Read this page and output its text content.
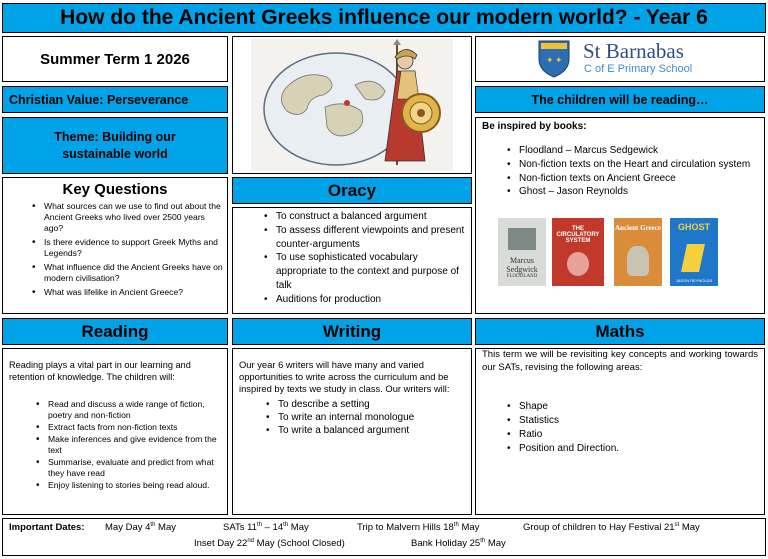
How do the Ancient Greeks influence our modern world? - Year 6
Summer Term 1 2026
Christian Value: Perseverance
Theme: Building our sustainable world
Key Questions
• What sources can we use to find out about the Ancient Greeks who lived over 2500 years ago?
• Is there evidence to support Greek Myths and Legends?
• What influence did the Ancient Greeks have on modern civilisation?
• What was lifelike in Ancient Greece?
Oracy
• To construct a balanced argument
• To assess different viewpoints and present counter-arguments
• To use sophisticated vocabulary appropriate to the context and purpose of talk
• Auditions for production
✦ ✦ St Barnabas
C of E Primary School
The children will be reading…
Be inspired by books:
• Floodland – Marcus Sedgewick
• Non-fiction texts on the Heart and circulation system
• Non-fiction texts on Ancient Greece
• Ghost – Jason Reynolds
Marcus Sedgwick
FLOODLAND
THE CIRCULATORY SYSTEM
Ancient Greece	GHOST
JASON REYNOLDS
Reading
Reading plays a vital part in our learning and retention of knowledge. The children will:
• Read and discuss a wide range of fiction, poetry and non-fiction
• Extract facts from non-fiction texts
• Make inferences and give evidence from the text
• Summarise, evaluate and predict from what they have read
• Enjoy listening to stories being read aloud.
Writing
Our year 6 writers will have many and varied opportunities to write across the curriculum and be inspired by texts we study in class. Our writers will:
• To describe a setting
• To write an internal monologue
• To write a balanced argument
Maths
This term we will be revisiting key concepts and working towards our SATs, revising the following areas:
• Shape
• Statistics
• Ratio
• Position and Direction.
Important Dates: May Day 4th May	SATs 11th – 14th May	Trip to Malvern Hills 18th May	Group of children to Hay Festival 21st May
Inset Day 22nd May (School Closed)	Bank Holiday 25th May
